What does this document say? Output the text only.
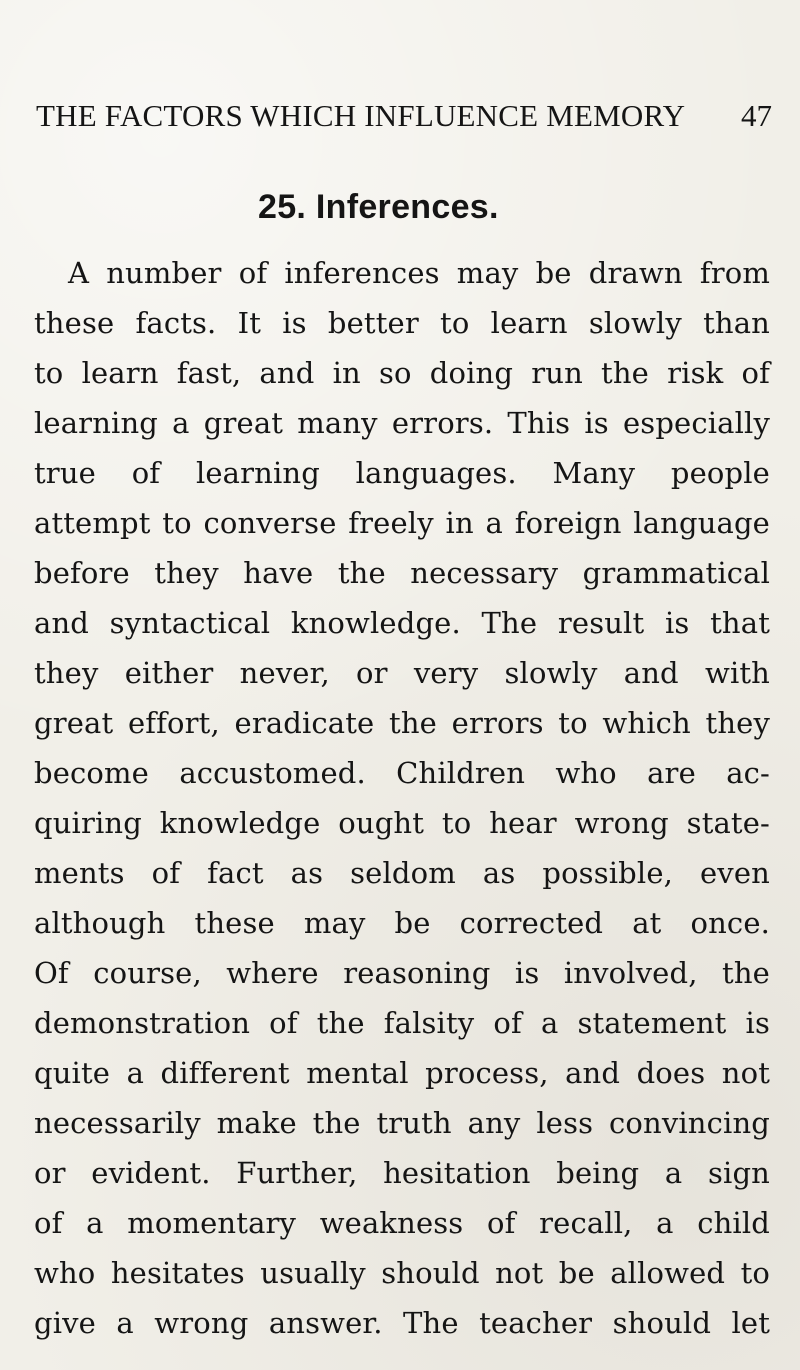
THE FACTORS WHICH INFLUENCE MEMORY 47
25. Inferences.
A number of inferences may be drawn from
these facts. It is better to learn slowly than
to learn fast, and in so doing run the risk of
learning a great many errors. This is especially
true of learning languages. Many people
attempt to converse freely in a foreign language
before they have the necessary grammatical
and syntactical knowledge. The result is that
they either never, or very slowly and with
great effort, eradicate the errors to which they
become accustomed. Children who are ac-
quiring knowledge ought to hear wrong state-
ments of fact as seldom as possible, even
although these may be corrected at once.
Of course, where reasoning is involved, the
demonstration of the falsity of a statement is
quite a different mental process, and does not
necessarily make the truth any less convincing
or evident. Further, hesitation being a sign
of a momentary weakness of recall, a child
who hesitates usually should not be allowed to
give a wrong answer. The teacher should let
